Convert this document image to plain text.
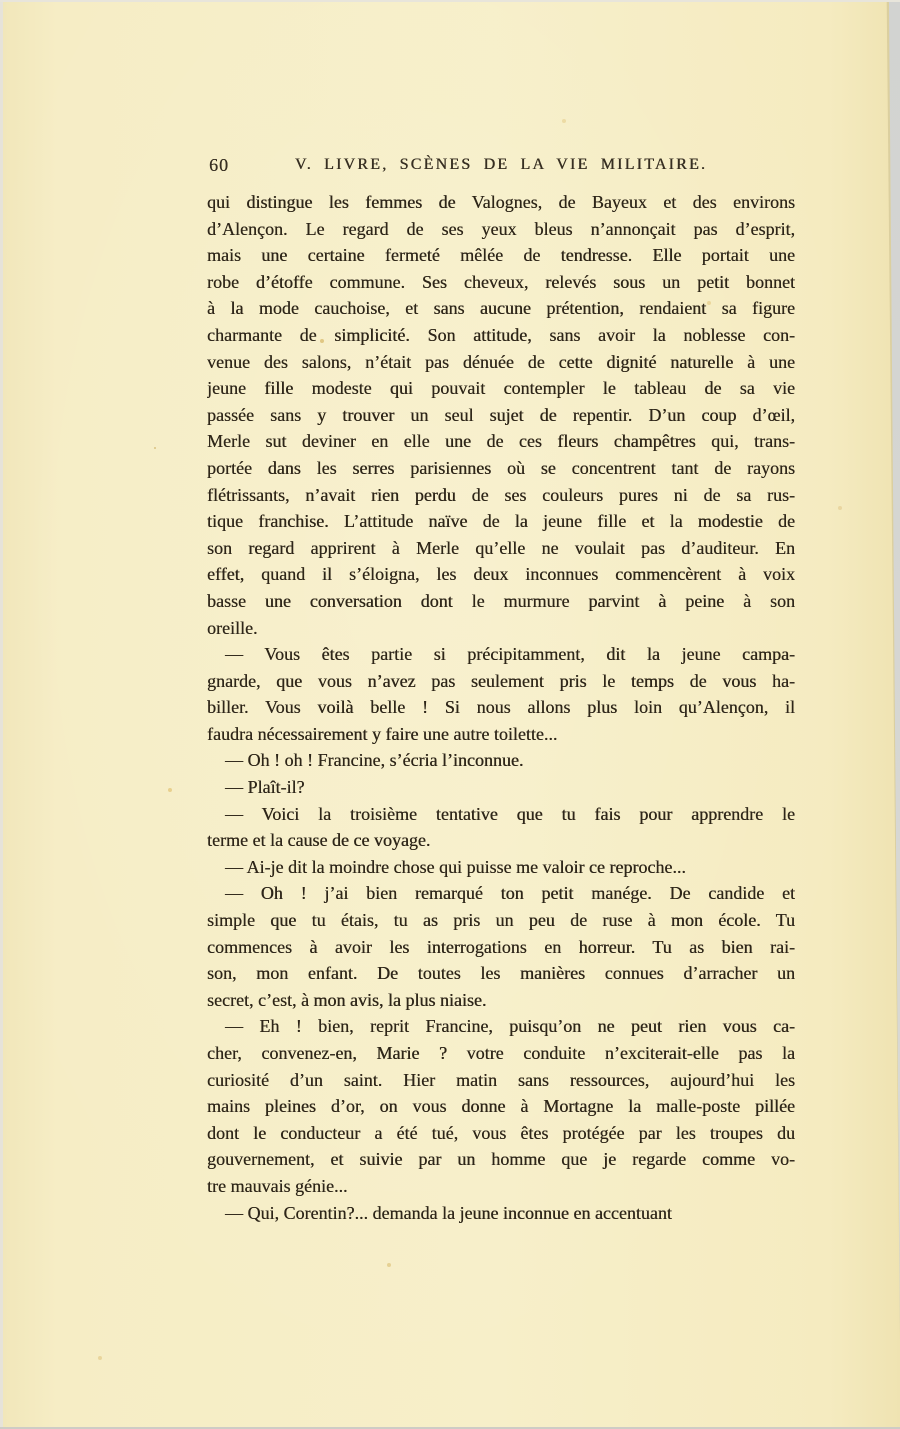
60	V. LIVRE, SCÈNES DE LA VIE MILITAIRE.
qui distingue les femmes de Valognes, de Bayeux et des environs
d’Alençon. Le regard de ses yeux bleus n’annonçait pas d’esprit,
mais une certaine fermeté mêlée de tendresse. Elle portait une
robe d’étoffe commune. Ses cheveux, relevés sous un petit bonnet
à la mode cauchoise, et sans aucune prétention, rendaient sa figure
charmante de simplicité. Son attitude, sans avoir la noblesse con-
venue des salons, n’était pas dénuée de cette dignité naturelle à une
jeune fille modeste qui pouvait contempler le tableau de sa vie
passée sans y trouver un seul sujet de repentir. D’un coup d’œil,
Merle sut deviner en elle une de ces fleurs champêtres qui, trans-
portée dans les serres parisiennes où se concentrent tant de rayons
flétrissants, n’avait rien perdu de ses couleurs pures ni de sa rus-
tique franchise. L’attitude naïve de la jeune fille et la modestie de
son regard apprirent à Merle qu’elle ne voulait pas d’auditeur. En
effet, quand il s’éloigna, les deux inconnues commencèrent à voix
basse une conversation dont le murmure parvint à peine à son
oreille.
— Vous êtes partie si précipitamment, dit la jeune campa-
gnarde, que vous n’avez pas seulement pris le temps de vous ha-
biller. Vous voilà belle ! Si nous allons plus loin qu’Alençon, il
faudra nécessairement y faire une autre toilette...
— Oh ! oh ! Francine, s’écria l’inconnue.
— Plaît-il?
— Voici la troisième tentative que tu fais pour apprendre le
terme et la cause de ce voyage.
— Ai-je dit la moindre chose qui puisse me valoir ce reproche...
— Oh ! j’ai bien remarqué ton petit manége. De candide et
simple que tu étais, tu as pris un peu de ruse à mon école. Tu
commences à avoir les interrogations en horreur. Tu as bien rai-
son, mon enfant. De toutes les manières connues d’arracher un
secret, c’est, à mon avis, la plus niaise.
— Eh ! bien, reprit Francine, puisqu’on ne peut rien vous ca-
cher, convenez-en, Marie ? votre conduite n’exciterait-elle pas la
curiosité d’un saint. Hier matin sans ressources, aujourd’hui les
mains pleines d’or, on vous donne à Mortagne la malle-poste pillée
dont le conducteur a été tué, vous êtes protégée par les troupes du
gouvernement, et suivie par un homme que je regarde comme vo-
tre mauvais génie...
— Qui, Corentin?... demanda la jeune inconnue en accentuant
